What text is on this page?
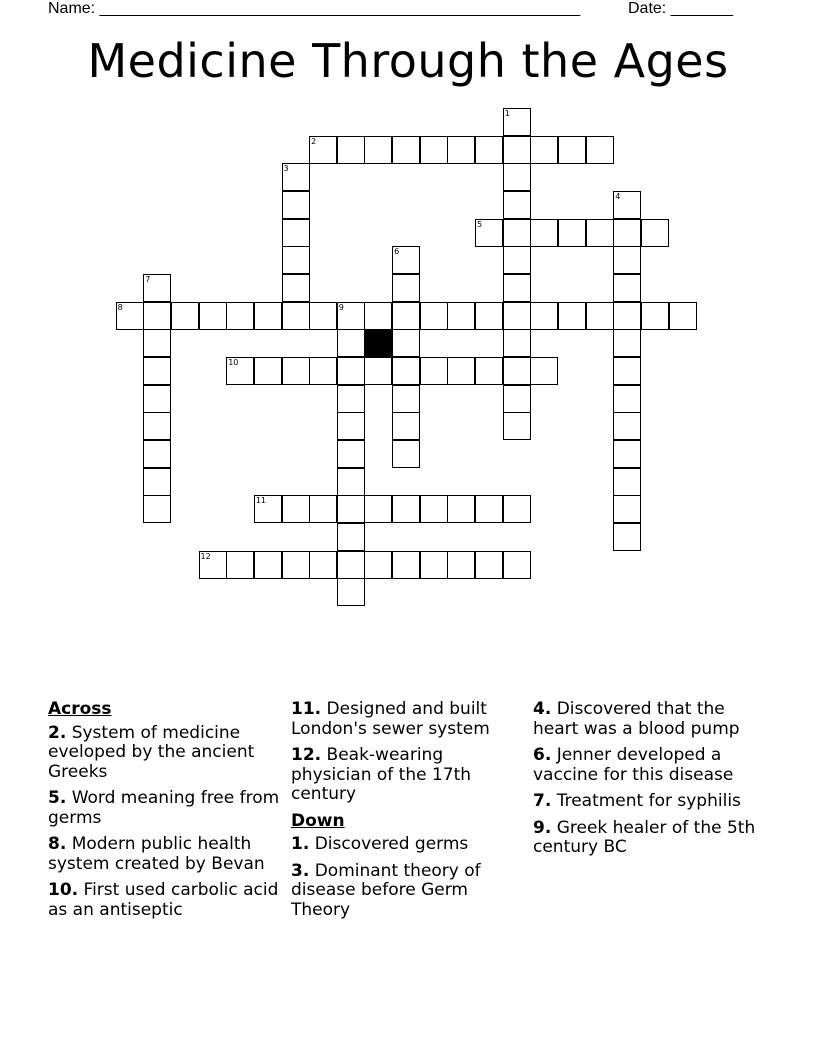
Name: ______________________________________________________	Date: _______
Medicine Through the Ages
1
2
3
4
5
6
7
8	9
10
11
12
Across
2. System of medicine eveloped by the ancient Greeks
5. Word meaning free from germs
8. Modern public health system created by Bevan
10. First used carbolic acid as an antiseptic
11. Designed and built London's sewer system
12. Beak-wearing physician of the 17th century
Down
1. Discovered germs
3. Dominant theory of disease before Germ Theory
4. Discovered that the heart was a blood pump
6. Jenner developed a vaccine for this disease
7. Treatment for syphilis
9. Greek healer of the 5th century BC
